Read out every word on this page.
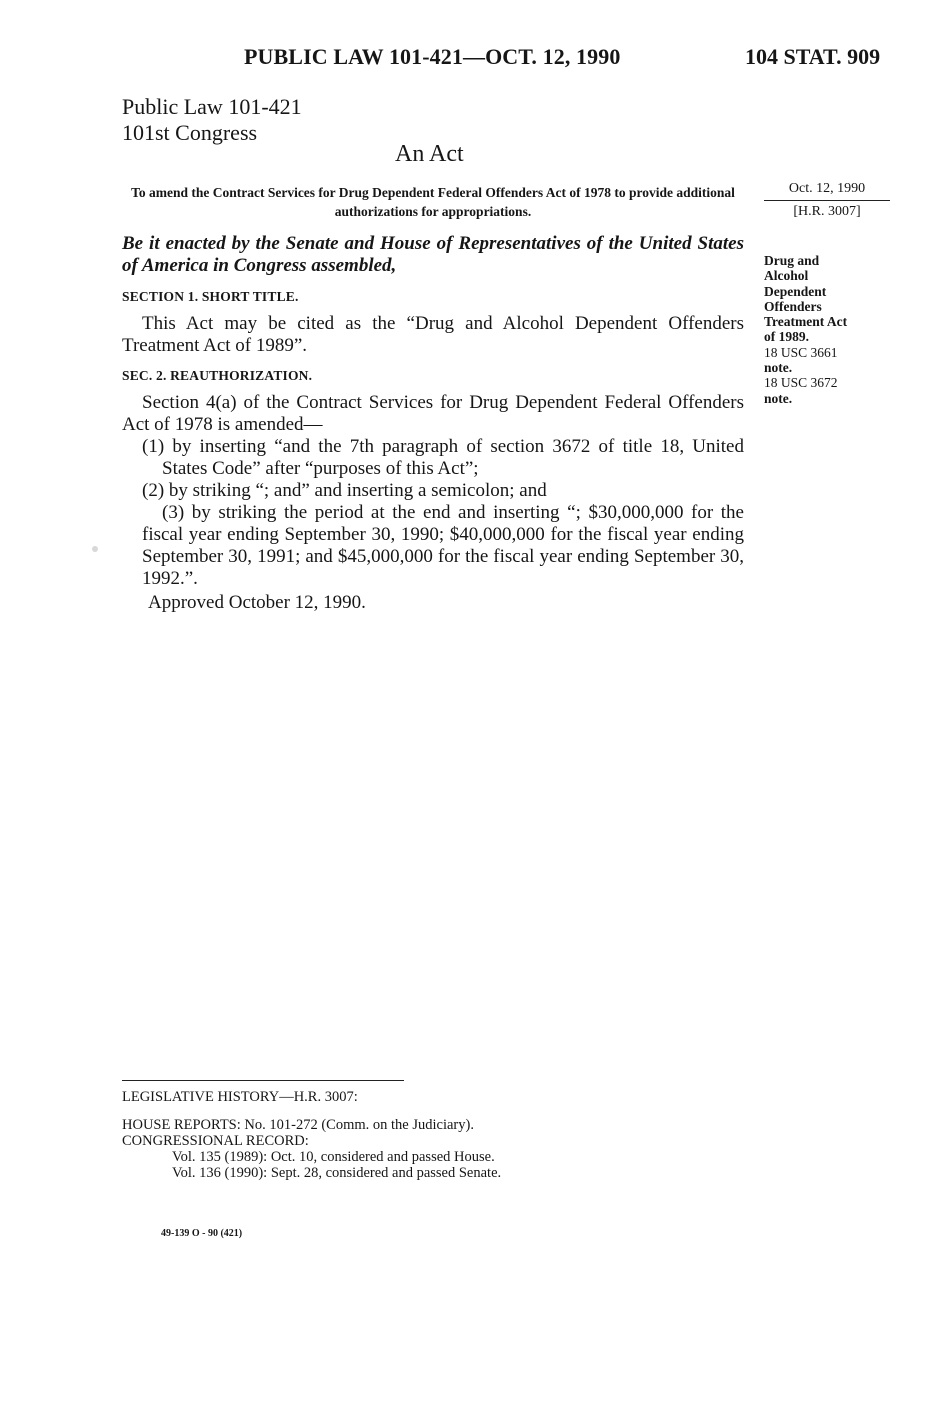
PUBLIC LAW 101-421—OCT. 12, 1990	104 STAT. 909
Public Law 101-421
101st Congress
An Act
To amend the Contract Services for Drug Dependent Federal Offenders Act of 1978 to provide additional authorizations for appropriations.
Oct. 12, 1990
[H.R. 3007]
Drug and
Alcohol
Dependent
Offenders
Treatment Act
of 1989.
18 USC 3661
note.
18 USC 3672
note.
Be it enacted by the Senate and House of Representatives of the United States of America in Congress assembled,
SECTION 1. SHORT TITLE.

This Act may be cited as the “Drug and Alcohol Dependent Offenders Treatment Act of 1989”.

SEC. 2. REAUTHORIZATION.

Section 4(a) of the Contract Services for Drug Dependent Federal Offenders Act of 1978 is amended—

(1) by inserting “and the 7th paragraph of section 3672 of title 18, United States Code” after “purposes of this Act”;

(2) by striking “; and” and inserting a semicolon; and

(3) by striking the period at the end and inserting “; $30,000,000 for the fiscal year ending September 30, 1990; $40,000,000 for the fiscal year ending September 30, 1991; and $45,000,000 for the fiscal year ending September 30, 1992.”.

Approved October 12, 1990.
LEGISLATIVE HISTORY—H.R. 3007:
HOUSE REPORTS: No. 101-272 (Comm. on the Judiciary).
CONGRESSIONAL RECORD:
Vol. 135 (1989): Oct. 10, considered and passed House.
Vol. 136 (1990): Sept. 28, considered and passed Senate.
49-139 O - 90 (421)
